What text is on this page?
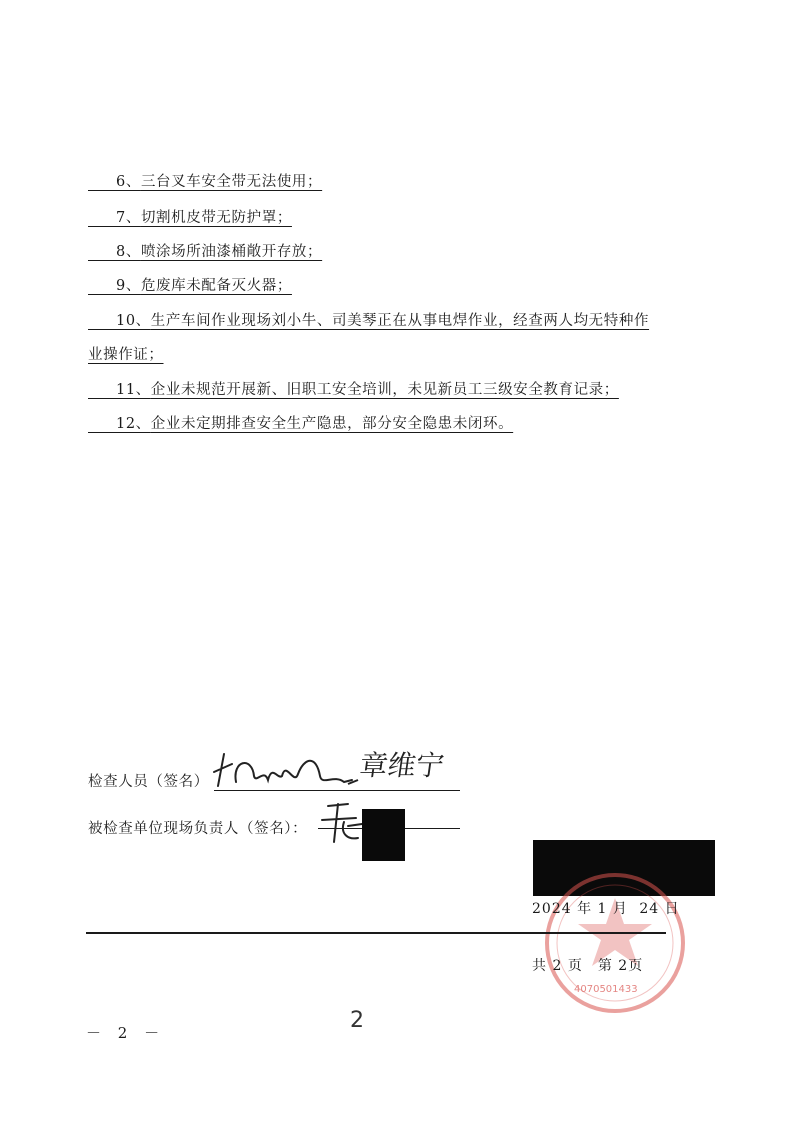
6、三台叉车安全带无法使用；
7、切割机皮带无防护罩；
8、喷涂场所油漆桶敞开存放；
9、危废库未配备灭火器；
10、生产车间作业现场刘小牛、司美琴正在从事电焊作业，经查两人均无特种作
业操作证；
11、企业未规范开展新、旧职工安全培训，未见新员工三级安全教育记录；
12、企业未定期排查安全生产隐患，部分安全隐患未闭环。
检查人员（签名）	章维宁
被检查单位现场负责人（签名）：
4070501433
2024 年 1 月 24 日
共 2 页　第 2页
－ 2 －	2
